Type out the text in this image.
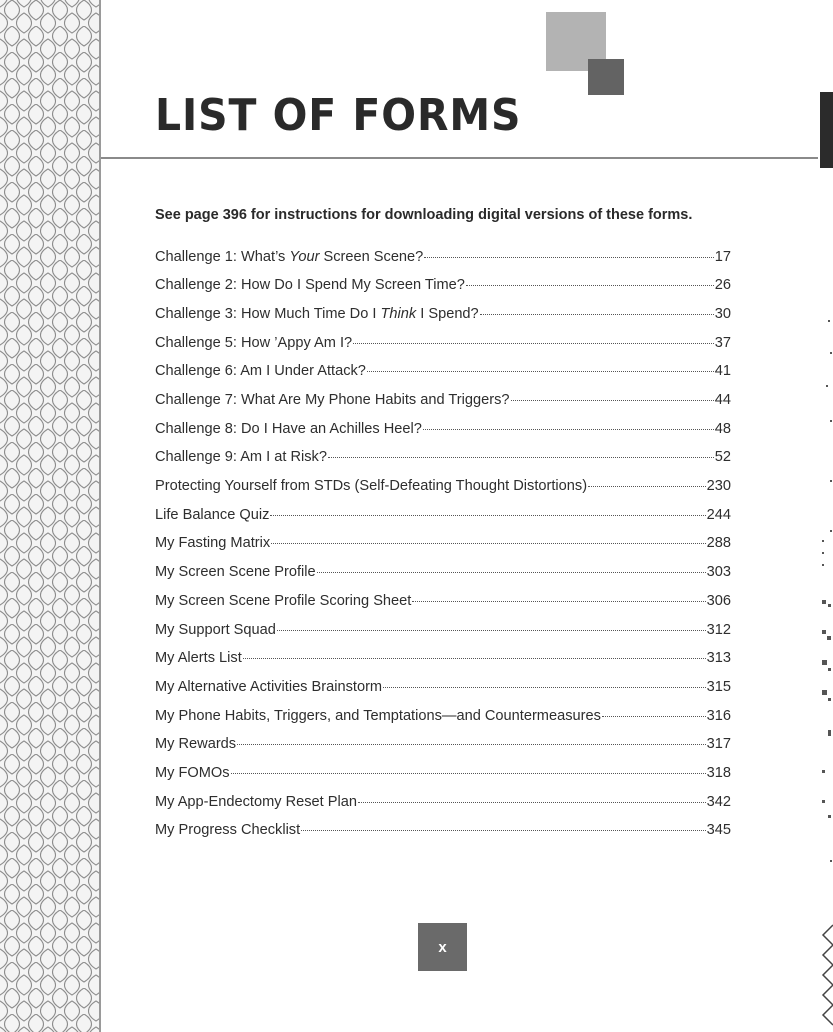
LIST OF FORMS
See page 396 for instructions for downloading digital versions of these forms.
Challenge 1: What’s Your Screen Scene?	17
Challenge 2: How Do I Spend My Screen Time?	26
Challenge 3: How Much Time Do I Think I Spend?	30
Challenge 5: How ’Appy Am I?	37
Challenge 6: Am I Under Attack?	41
Challenge 7: What Are My Phone Habits and Triggers?	44
Challenge 8: Do I Have an Achilles Heel?	48
Challenge 9: Am I at Risk?	52
Protecting Yourself from STDs (Self-Defeating Thought Distortions)	230
Life Balance Quiz	244
My Fasting Matrix	288
My Screen Scene Profile	303
My Screen Scene Profile Scoring Sheet	306
My Support Squad	312
My Alerts List	313
My Alternative Activities Brainstorm	315
My Phone Habits, Triggers, and Temptations—and Countermeasures	316
My Rewards	317
My FOMOs	318
My App-Endectomy Reset Plan	342
My Progress Checklist	345
x
